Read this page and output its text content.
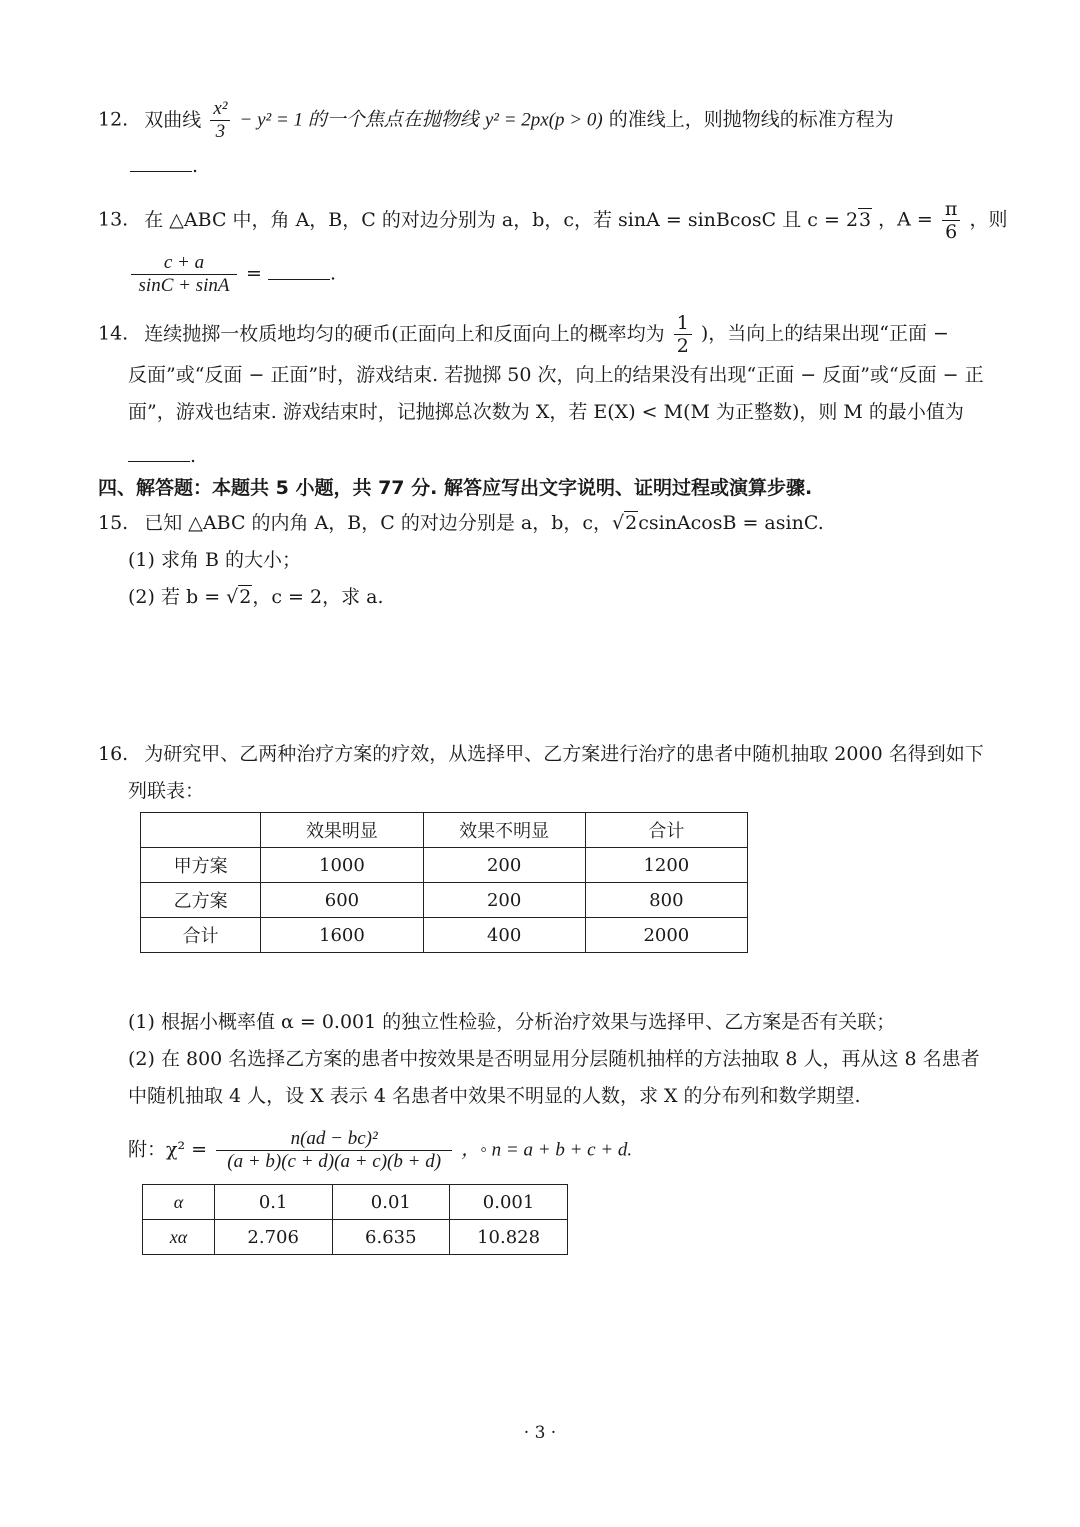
12. 双曲线 $\frac{\text{x²}}{3} - y^2 = 1$ 的一个焦点在抛物线 y² = 2px(p > 0) 的准线上，则抛物线的标准方程为
.
13. 在 △ABC 中，角 A，B，C 的对边分别为 a，b，c，若 sinA = sinBcosC 且 c = 23 ，$A = \frac{\pi}{6}$ ，则
$\frac{c + a}{\sin C + \sin A}$ =	.
14. 连续抛掷一枚质地均匀的硬币(正面向上和反面向上的概率均为 $\frac{1}{2}$ )，当向上的结果出现“正面 −
反面”或“反面 − 正面”时，游戏结束. 若抛掷 50 次，向上的结果没有出现“正面 − 反面”或“反面 − 正
面”，游戏也结束. 游戏结束时，记抛掷总次数为 X，若 E(X) < M(M 为正整数)，则 M 的最小值为
.
四、解答题：本题共 5 小题，共 77 分. 解答应写出文字说明、证明过程或演算步骤.
15. 已知 △ABC 的内角 A，B，C 的对边分别是 a，b，c，√2csinAcosB = asinC.
(1) 求角 B 的大小；
(2) 若 b = √2，c = 2，求 a.
16. 为研究甲、乙两种治疗方案的疗效，从选择甲、乙方案进行治疗的患者中随机抽取 2000 名得到如下
列联表：
	效果明显	效果不明显	合计
甲方案	1000	200	1200
乙方案	600	200	800
合计	1600	400	2000
(1) 根据小概率值 α = 0.001 的独立性检验，分析治疗效果与选择甲、乙方案是否有关联；
(2) 在 800 名选择乙方案的患者中按效果是否明显用分层随机抽样的方法抽取 8 人，再从这 8 名患者
中随机抽取 4 人，设 X 表示 4 名患者中效果不明显的人数，求 X 的分布列和数学期望.
附：$\chi^2 = \frac{\text{n(ad − bc)²}}{(a + b)(c + d)(a + c)(b + d)}$ ，◦ n = a + b + c + d.
α	0.1	0.01	0.001
xα	2.706	6.635	10.828
· 3 ·
